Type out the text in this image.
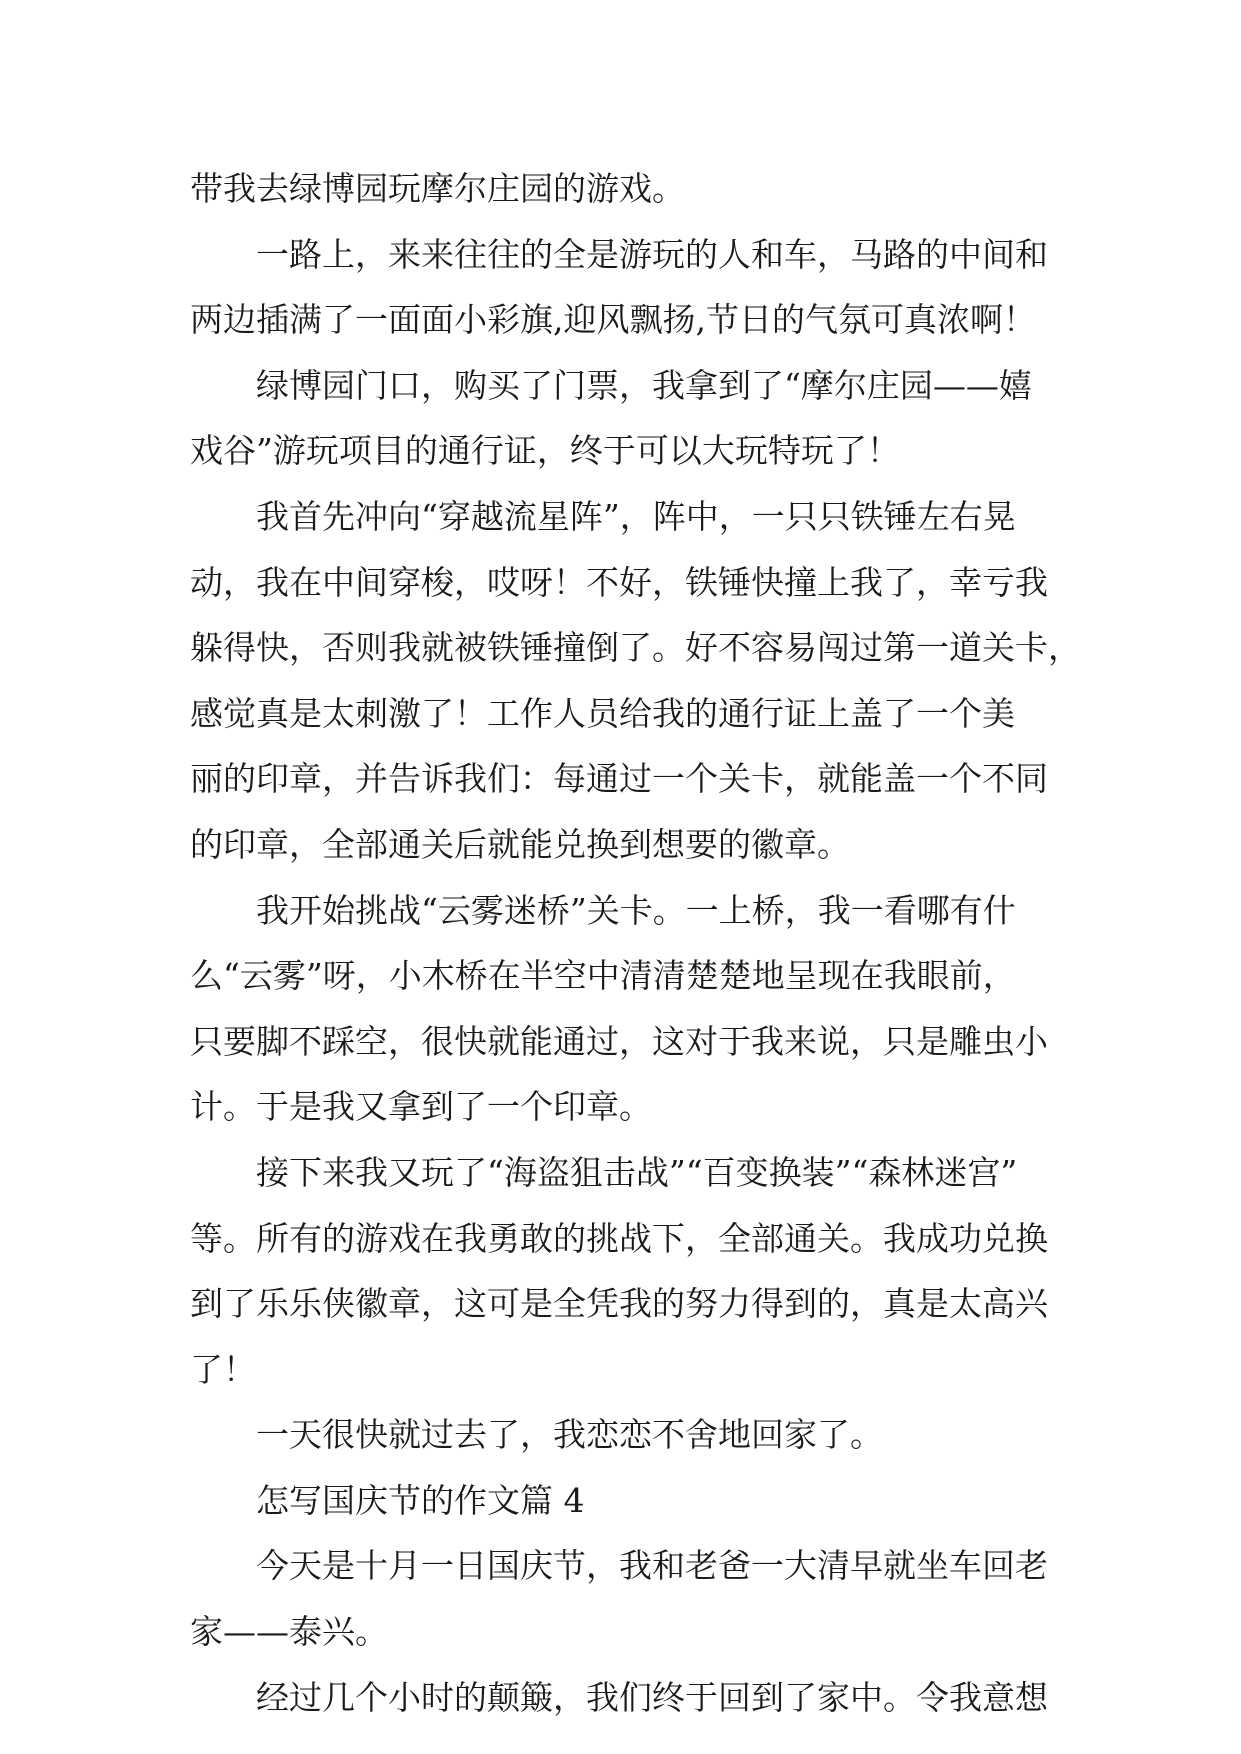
带我去绿博园玩摩尔庄园的游戏。

一路上，来来往往的全是游玩的人和车，马路的中间和
两边插满了一面面小彩旗,迎风飘扬,节日的气氛可真浓啊！

绿博园门口，购买了门票，我拿到了“摩尔庄园——嬉
戏谷”游玩项目的通行证，终于可以大玩特玩了！

我首先冲向“穿越流星阵”，阵中，一只只铁锤左右晃
动，我在中间穿梭，哎呀！不好，铁锤快撞上我了，幸亏我
躲得快，否则我就被铁锤撞倒了。好不容易闯过第一道关卡，
感觉真是太刺激了！工作人员给我的通行证上盖了一个美
丽的印章，并告诉我们：每通过一个关卡，就能盖一个不同
的印章，全部通关后就能兑换到想要的徽章。

我开始挑战“云雾迷桥”关卡。一上桥，我一看哪有什
么“云雾”呀，小木桥在半空中清清楚楚地呈现在我眼前，
只要脚不踩空，很快就能通过，这对于我来说，只是雕虫小
计。于是我又拿到了一个印章。

接下来我又玩了“海盗狙击战”“百变换装”“森林迷宫”
等。所有的游戏在我勇敢的挑战下，全部通关。我成功兑换
到了乐乐侠徽章，这可是全凭我的努力得到的，真是太高兴
了！

一天很快就过去了，我恋恋不舍地回家了。

怎写国庆节的作文篇 4

今天是十月一日国庆节，我和老爸一大清早就坐车回老
家——泰兴。

经过几个小时的颠簸，我们终于回到了家中。令我意想
